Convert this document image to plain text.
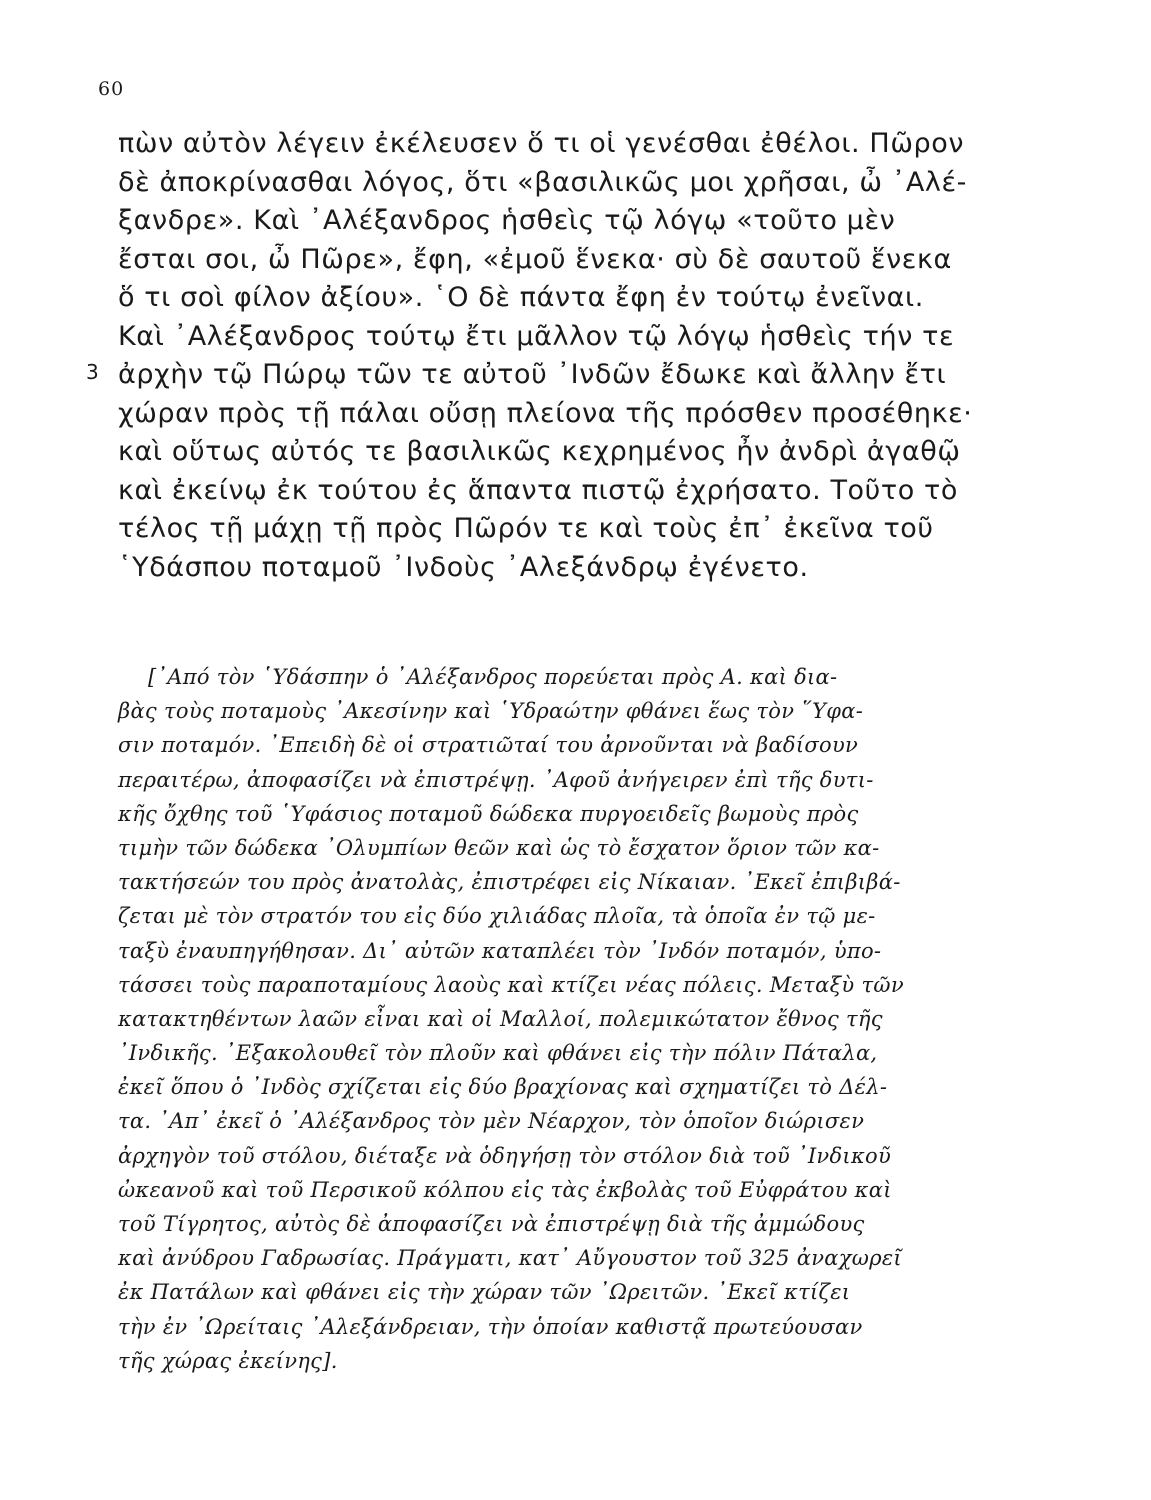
60
3
πὼν αὐτὸν λέγειν ἐκέλευσεν ὅ τι οἱ γενέσθαι ἐθέλοι. Πῶρον
δὲ ἀποκρίνασθαι λόγος, ὅτι «βασιλικῶς μοι χρῆσαι, ὦ ᾿Αλέ-
ξανδρε». Καὶ ᾿Αλέξανδρος ἡσθεὶς τῷ λόγῳ «τοῦτο μὲν
ἔσται σοι, ὦ Πῶρε», ἔφη, «ἐμοῦ ἕνεκα· σὺ δὲ σαυτοῦ ἕνεκα
ὅ τι σοὶ φίλον ἀξίου». ῾Ο δὲ πάντα ἔφη ἐν τούτῳ ἐνεῖναι.
Καὶ ᾿Αλέξανδρος τούτῳ ἔτι μᾶλλον τῷ λόγῳ ἡσθεὶς τήν τε
ἀρχὴν τῷ Πώρῳ τῶν τε αὐτοῦ ᾿Ινδῶν ἔδωκε καὶ ἄλλην ἔτι
χώραν πρὸς τῇ πάλαι οὔσῃ πλείονα τῆς πρόσθεν προσέθηκε·
καὶ οὕτως αὐτός τε βασιλικῶς κεχρημένος ἦν ἀνδρὶ ἀγαθῷ
καὶ ἐκείνῳ ἐκ τούτου ἐς ἅπαντα πιστῷ ἐχρήσατο. Τοῦτο τὸ
τέλος τῇ μάχῃ τῇ πρὸς Πῶρόν τε καὶ τοὺς ἐπ᾿ ἐκεῖνα τοῦ
῾Υδάσπου ποταμοῦ ᾿Ινδοὺς ᾿Αλεξάνδρῳ ἐγένετο.
[᾿Από τὸν ῾Υδάσπην ὁ ᾿Αλέξανδρος πορεύεται πρὸς Α. καὶ δια-
βὰς τοὺς ποταμοὺς ᾿Ακεσίνην καὶ ῾Υδραώτην φθάνει ἕως τὸν ῞Υφα-
σιν ποταμόν. ᾿Επειδὴ δὲ οἱ στρατιῶταί του ἀρνοῦνται νὰ βαδίσουν
περαιτέρω, ἀποφασίζει νὰ ἐπιστρέψῃ. ᾿Αφοῦ ἀνήγειρεν ἐπὶ τῆς δυτι-
κῆς ὄχθης τοῦ ῾Υφάσιος ποταμοῦ δώδεκα πυργοειδεῖς βωμοὺς πρὸς
τιμὴν τῶν δώδεκα ᾿Ολυμπίων θεῶν καὶ ὡς τὸ ἔσχατον ὅριον τῶν κα-
τακτήσεών του πρὸς ἀνατολὰς, ἐπιστρέφει εἰς Νίκαιαν. ᾿Εκεῖ ἐπιβιβά-
ζεται μὲ τὸν στρατόν του εἰς δύο χιλιάδας πλοῖα, τὰ ὁποῖα ἐν τῷ με-
ταξὺ ἐναυπηγήθησαν. Δι᾿ αὐτῶν καταπλέει τὸν ᾿Ινδόν ποταμόν, ὑπο-
τάσσει τοὺς παραποταμίους λαοὺς καὶ κτίζει νέας πόλεις. Μεταξὺ τῶν
κατακτηθέντων λαῶν εἶναι καὶ οἱ Μαλλοί, πολεμικώτατον ἔθνος τῆς
᾿Ινδικῆς. ᾿Εξακολουθεῖ τὸν πλοῦν καὶ φθάνει εἰς τὴν πόλιν Πάταλα,
ἐκεῖ ὅπου ὁ ᾿Ινδὸς σχίζεται εἰς δύο βραχίονας καὶ σχηματίζει τὸ Δέλ-
τα. ᾿Απ᾿ ἐκεῖ ὁ ᾿Αλέξανδρος τὸν μὲν Νέαρχον, τὸν ὁποῖον διώρισεν
ἀρχηγὸν τοῦ στόλου, διέταξε νὰ ὁδηγήσῃ τὸν στόλον διὰ τοῦ ᾿Ινδικοῦ
ὠκεανοῦ καὶ τοῦ Περσικοῦ κόλπου εἰς τὰς ἐκβολὰς τοῦ Εὐφράτου καὶ
τοῦ Τίγρητος, αὐτὸς δὲ ἀποφασίζει νὰ ἐπιστρέψῃ διὰ τῆς ἀμμώδους
καὶ ἀνύδρου Γαδρωσίας. Πράγματι, κατ᾿ Αὔγουστον τοῦ 325 ἀναχωρεῖ
ἐκ Πατάλων καὶ φθάνει εἰς τὴν χώραν τῶν ᾿Ωρειτῶν. ᾿Εκεῖ κτίζει
τὴν ἐν ᾿Ωρείταις ᾿Αλεξάνδρειαν, τὴν ὁποίαν καθιστᾷ πρωτεύουσαν
τῆς χώρας ἐκείνης].
